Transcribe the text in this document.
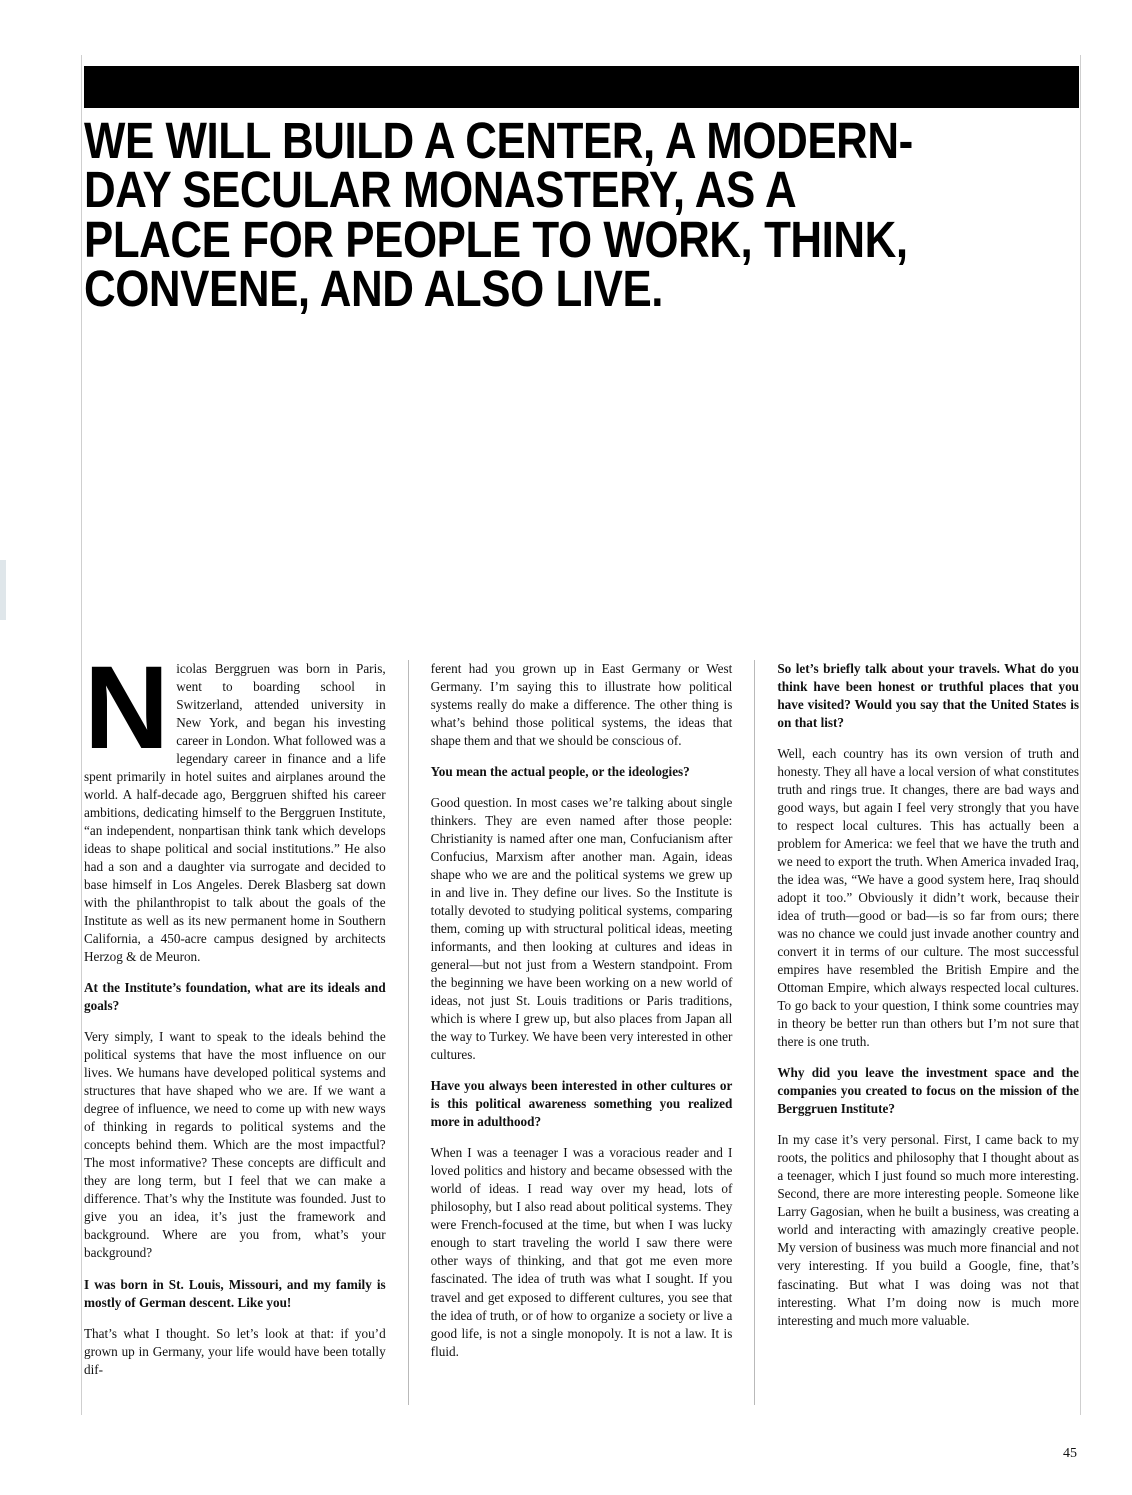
WE WILL BUILD A CENTER, A MODERN-DAY SECULAR MONASTERY, AS A PLACE FOR PEOPLE TO WORK, THINK, CONVENE, AND ALSO LIVE.

Nicolas Berggruen was born in Paris, went to boarding school in Switzerland, attended university in New York, and began his investing career in London. What followed was a legendary career in finance and a life spent primarily in hotel suites and airplanes around the world. A half-decade ago, Berggruen shifted his career ambitions, dedicating himself to the Berggruen Institute, “an independent, nonpartisan think tank which develops ideas to shape political and social institutions.” He also had a son and a daughter via surrogate and decided to base himself in Los Angeles. Derek Blasberg sat down with the philanthropist to talk about the goals of the Institute as well as its new permanent home in Southern California, a 450-acre campus designed by architects Herzog & de Meuron.

At the Institute’s foundation, what are its ideals and goals?

Very simply, I want to speak to the ideals behind the political systems that have the most influence on our lives. We humans have developed political systems and structures that have shaped who we are. If we want a degree of influence, we need to come up with new ways of thinking in regards to political systems and the concepts behind them. Which are the most impactful? The most informative? These concepts are difficult and they are long term, but I feel that we can make a difference. That’s why the Institute was founded. Just to give you an idea, it’s just the framework and background. Where are you from, what’s your background?

I was born in St. Louis, Missouri, and my family is mostly of German descent. Like you!

That’s what I thought. So let’s look at that: if you’d grown up in Germany, your life would have been totally dif-

ferent had you grown up in East Germany or West Germany. I’m saying this to illustrate how political systems really do make a difference. The other thing is what’s behind those political systems, the ideas that shape them and that we should be conscious of.

You mean the actual people, or the ideologies?

Good question. In most cases we’re talking about single thinkers. They are even named after those people: Christianity is named after one man, Confucianism after Confucius, Marxism after another man. Again, ideas shape who we are and the political systems we grew up in and live in. They define our lives. So the Institute is totally devoted to studying political systems, comparing them, coming up with structural political ideas, meeting informants, and then looking at cultures and ideas in general—but not just from a Western standpoint. From the beginning we have been working on a new world of ideas, not just St. Louis traditions or Paris traditions, which is where I grew up, but also places from Japan all the way to Turkey. We have been very interested in other cultures.

Have you always been interested in other cultures or is this political awareness something you realized more in adulthood?

When I was a teenager I was a voracious reader and I loved politics and history and became obsessed with the world of ideas. I read way over my head, lots of philosophy, but I also read about political systems. They were French-focused at the time, but when I was lucky enough to start traveling the world I saw there were other ways of thinking, and that got me even more fascinated. The idea of truth was what I sought. If you travel and get exposed to different cultures, you see that the idea of truth, or of how to organize a society or live a good life, is not a single monopoly. It is not a law. It is fluid.

So let’s briefly talk about your travels. What do you think have been honest or truthful places that you have visited? Would you say that the United States is on that list?

Well, each country has its own version of truth and honesty. They all have a local version of what constitutes truth and rings true. It changes, there are bad ways and good ways, but again I feel very strongly that you have to respect local cultures. This has actually been a problem for America: we feel that we have the truth and we need to export the truth. When America invaded Iraq, the idea was, “We have a good system here, Iraq should adopt it too.” Obviously it didn’t work, because their idea of truth—good or bad—is so far from ours; there was no chance we could just invade another country and convert it in terms of our culture. The most successful empires have resembled the British Empire and the Ottoman Empire, which always respected local cultures. To go back to your question, I think some countries may in theory be better run than others but I’m not sure that there is one truth.

Why did you leave the investment space and the companies you created to focus on the mission of the Berggruen Institute?

In my case it’s very personal. First, I came back to my roots, the politics and philosophy that I thought about as a teenager, which I just found so much more interesting. Second, there are more interesting people. Someone like Larry Gagosian, when he built a business, was creating a world and interacting with amazingly creative people. My version of business was much more financial and not very interesting. If you build a Google, fine, that’s fascinating. But what I was doing was not that interesting. What I’m doing now is much more interesting and much more valuable.

45
